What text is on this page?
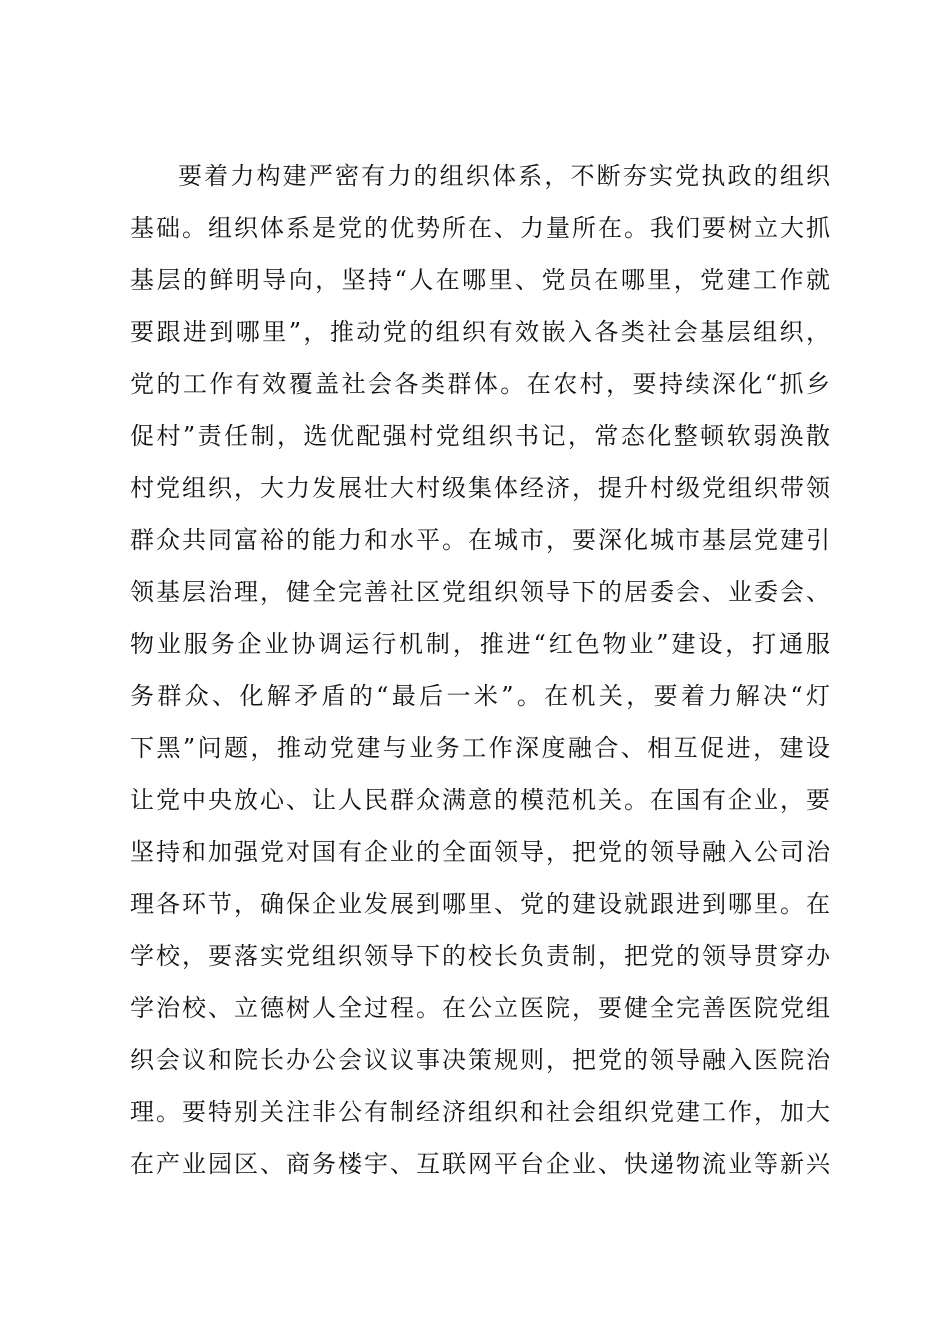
要着力构建严密有力的组织体系，不断夯实党执政的组织
基础。组织体系是党的优势所在、力量所在。我们要树立大抓
基层的鲜明导向，坚持“人在哪里、党员在哪里，党建工作就
要跟进到哪里”，推动党的组织有效嵌入各类社会基层组织，
党的工作有效覆盖社会各类群体。在农村，要持续深化“抓乡
促村”责任制，选优配强村党组织书记，常态化整顿软弱涣散
村党组织，大力发展壮大村级集体经济，提升村级党组织带领
群众共同富裕的能力和水平。在城市，要深化城市基层党建引
领基层治理，健全完善社区党组织领导下的居委会、业委会、
物业服务企业协调运行机制，推进“红色物业”建设，打通服
务群众、化解矛盾的“最后一米”。在机关，要着力解决“灯
下黑”问题，推动党建与业务工作深度融合、相互促进，建设
让党中央放心、让人民群众满意的模范机关。在国有企业，要
坚持和加强党对国有企业的全面领导，把党的领导融入公司治
理各环节，确保企业发展到哪里、党的建设就跟进到哪里。在
学校，要落实党组织领导下的校长负责制，把党的领导贯穿办
学治校、立德树人全过程。在公立医院，要健全完善医院党组
织会议和院长办公会议议事决策规则，把党的领导融入医院治
理。要特别关注非公有制经济组织和社会组织党建工作，加大
在产业园区、商务楼宇、互联网平台企业、快递物流业等新兴
